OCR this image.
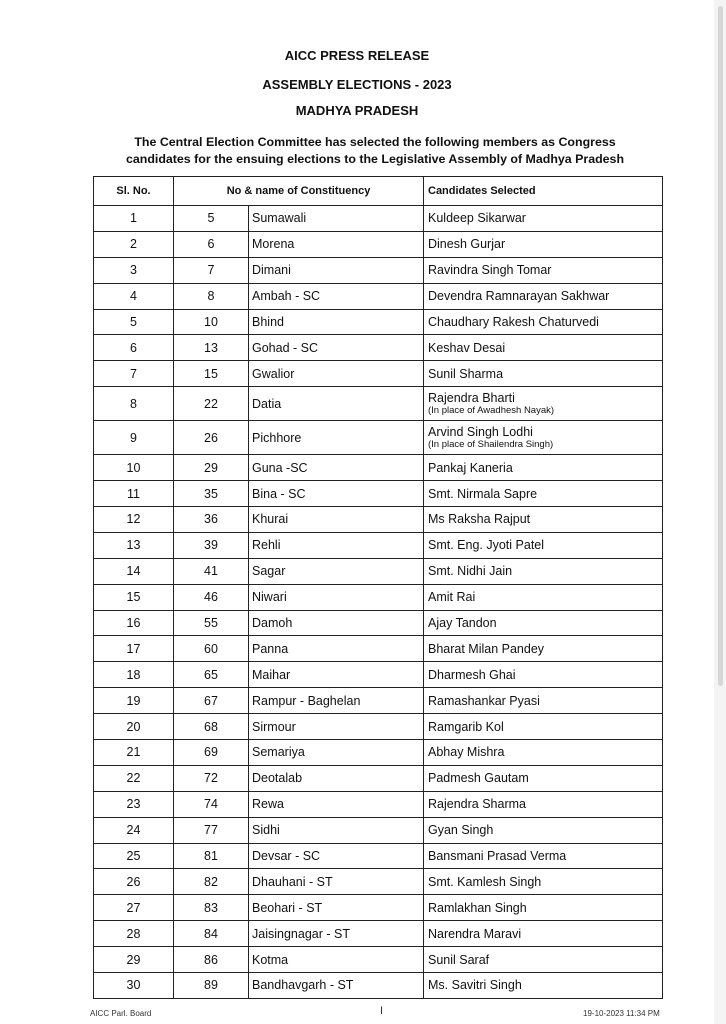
AICC PRESS RELEASE
ASSEMBLY ELECTIONS - 2023
MADHYA PRADESH
The Central Election Committee has selected the following members as Congress
candidates for the ensuing elections to the Legislative Assembly of Madhya Pradesh
Sl. No.	No & name of Constituency		Candidates Selected
1	5	Sumawali	Kuldeep Sikarwar
2	6	Morena	Dinesh Gurjar
3	7	Dimani	Ravindra Singh Tomar
4	8	Ambah - SC	Devendra Ramnarayan Sakhwar
5	10	Bhind	Chaudhary Rakesh Chaturvedi
6	13	Gohad - SC	Keshav Desai
7	15	Gwalior	Sunil Sharma
8	22	Datia	Rajendra Bharti
(In place of Awadhesh Nayak)

9	26	Pichhore	Arvind Singh Lodhi
(In place of Shailendra Singh)

10	29	Guna -SC	Pankaj Kaneria
11	35	Bina - SC	Smt. Nirmala Sapre
12	36	Khurai	Ms Raksha Rajput
13	39	Rehli	Smt. Eng. Jyoti Patel
14	41	Sagar	Smt. Nidhi Jain
15	46	Niwari	Amit Rai
16	55	Damoh	Ajay Tandon
17	60	Panna	Bharat Milan Pandey
18	65	Maihar	Dharmesh Ghai
19	67	Rampur - Baghelan	Ramashankar Pyasi
20	68	Sirmour	Ramgarib Kol
21	69	Semariya	Abhay Mishra
22	72	Deotalab	Padmesh Gautam
23	74	Rewa	Rajendra Sharma
24	77	Sidhi	Gyan Singh
25	81	Devsar - SC	Bansmani Prasad Verma
26	82	Dhauhani - ST	Smt. Kamlesh Singh
27	83	Beohari - ST	Ramlakhan Singh
28	84	Jaisingnagar - ST	Narendra Maravi
29	86	Kotma	Sunil Saraf
30	89	Bandhavgarh - ST	Ms. Savitri Singh
AICC Parl. Board	I	19-10-2023 11:34 PM
